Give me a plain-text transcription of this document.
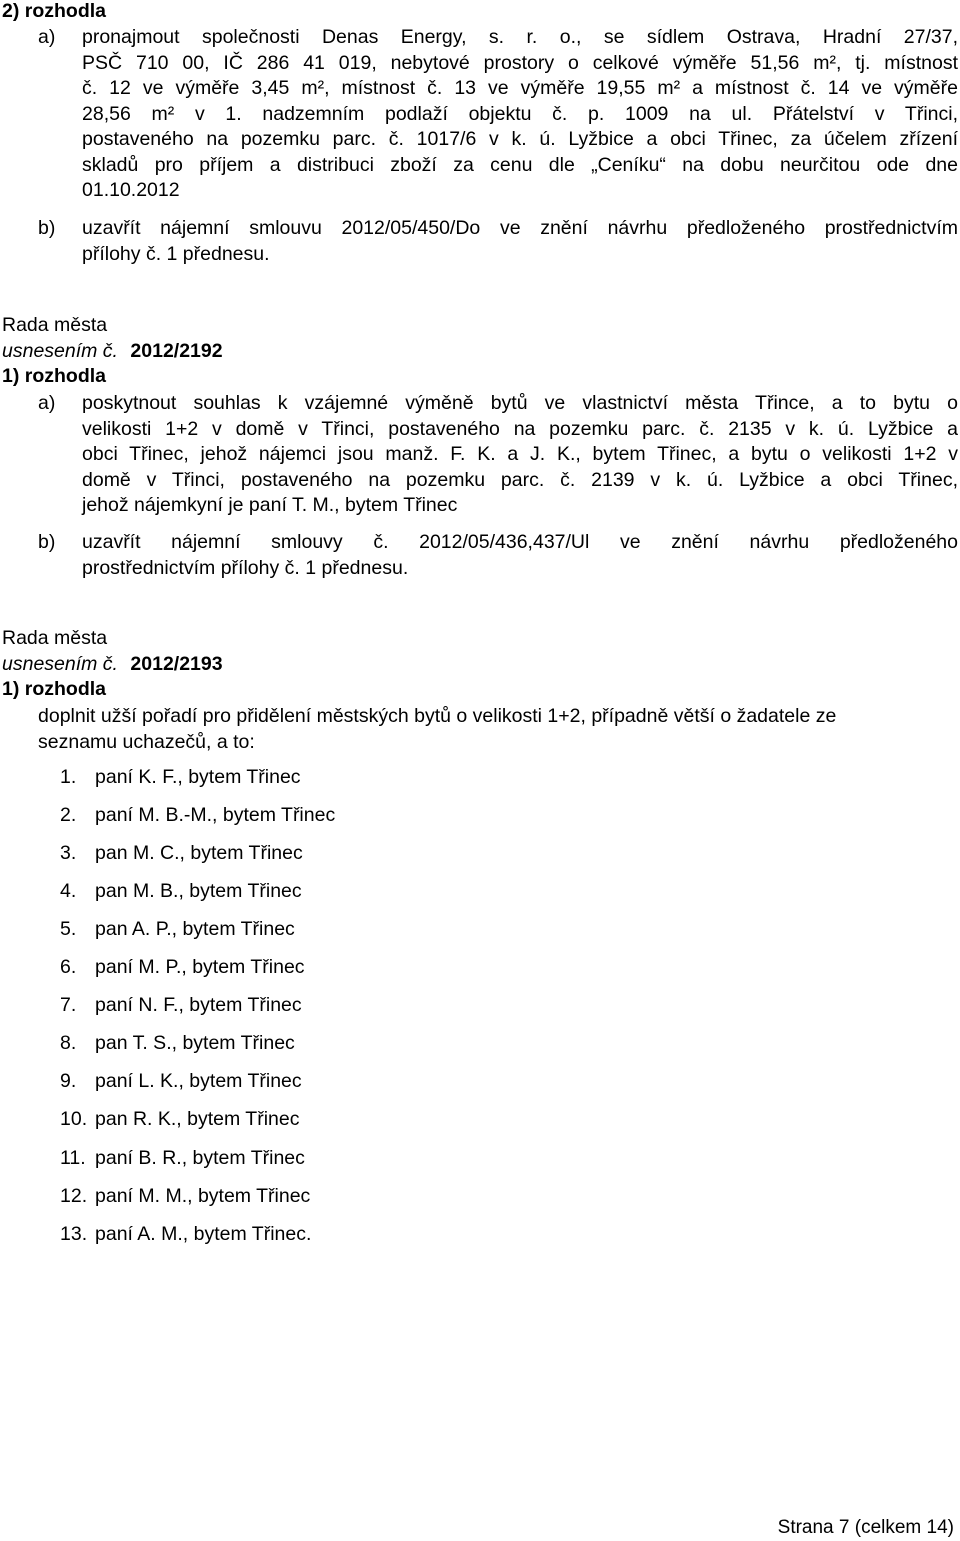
2) rozhodla
a) pronajmout společnosti Denas Energy, s. r. o., se sídlem Ostrava, Hradní 27/37,
PSČ 710 00, IČ 286 41 019, nebytové prostory o celkové výměře 51,56 m², tj. místnost
č. 12 ve výměře 3,45 m², místnost č. 13 ve výměře 19,55 m² a místnost č. 14 ve výměře
28,56 m² v 1. nadzemním podlaží objektu č. p. 1009 na ul. Přátelství v Třinci,
postaveného na pozemku parc. č. 1017/6 v k. ú. Lyžbice a obci Třinec, za účelem zřízení
skladů pro příjem a distribuci zboží za cenu dle „Ceníku“ na dobu neurčitou ode dne
01.10.2012
b) uzavřít nájemní smlouvu 2012/05/450/Do ve znění návrhu předloženého prostřednictvím
přílohy č. 1 přednesu.
Rada města
usnesením č. 2012/2192
1) rozhodla
a) poskytnout souhlas k vzájemné výměně bytů ve vlastnictví města Třince, a to bytu o
velikosti 1+2 v domě v Třinci, postaveného na pozemku parc. č. 2135 v k. ú. Lyžbice a
obci Třinec, jehož nájemci jsou manž. F. K. a J. K., bytem Třinec, a bytu o velikosti 1+2 v
domě v Třinci, postaveného na pozemku parc. č. 2139 v k. ú. Lyžbice a obci Třinec,
jehož nájemkyní je paní T. M., bytem Třinec
b) uzavřít nájemní smlouvy č. 2012/05/436,437/Ul ve znění návrhu předloženého
prostřednictvím přílohy č. 1 přednesu.
Rada města
usnesením č. 2012/2193
1) rozhodla
doplnit užší pořadí pro přidělení městských bytů o velikosti 1+2, případně větší o žadatele ze
seznamu uchazečů, a to:
1. paní K. F., bytem Třinec
2. paní M. B.-M., bytem Třinec
3. pan M. C., bytem Třinec
4. pan M. B., bytem Třinec
5. pan A. P., bytem Třinec
6. paní M. P., bytem Třinec
7. paní N. F., bytem Třinec
8. pan T. S., bytem Třinec
9. paní L. K., bytem Třinec
10. pan R. K., bytem Třinec
11. paní B. R., bytem Třinec
12. paní M. M., bytem Třinec
13. paní A. M., bytem Třinec.
Strana 7 (celkem 14)
